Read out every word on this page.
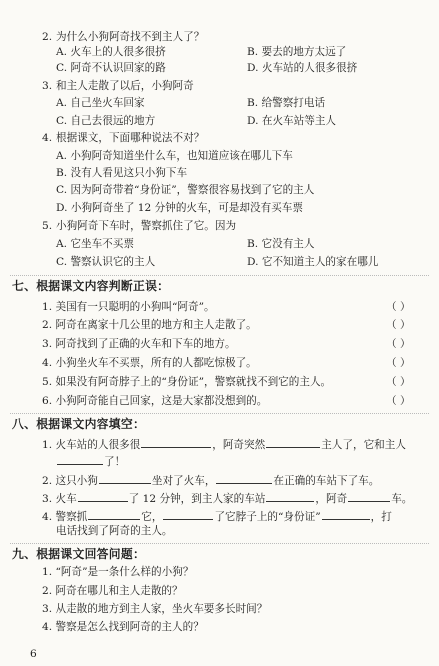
2. 为什么小狗阿奇找不到主人了？
A. 火车上的人很多很挤	B. 要去的地方太远了
C. 阿奇不认识回家的路	D. 火车站的人很多很挤
3. 和主人走散了以后，小狗阿奇
A. 自己坐火车回家	B. 给警察打电话
C. 自己去很远的地方	D. 在火车站等主人
4. 根据课文，下面哪种说法不对？
A. 小狗阿奇知道坐什么车，也知道应该在哪儿下车
B. 没有人看见这只小狗下车
C. 因为阿奇带着“身份证”，警察很容易找到了它的主人
D. 小狗阿奇坐了 12 分钟的火车，可是却没有买车票
5. 小狗阿奇下车时，警察抓住了它。因为
A. 它坐车不买票	B. 它没有主人
C. 警察认识它的主人	D. 它不知道主人的家在哪儿
七、根据课文内容判断正误：
1. 美国有一只聪明的小狗叫“阿奇”。	（ ）
2. 阿奇在离家十几公里的地方和主人走散了。	（ ）
3. 阿奇找到了正确的火车和下车的地方。	（ ）
4. 小狗坐火车不买票，所有的人都吃惊极了。	（ ）
5. 如果没有阿奇脖子上的“身份证”，警察就找不到它的主人。	（ ）
6. 小狗阿奇能自己回家，这是大家都没想到的。	（ ）
八、根据课文内容填空：
1. 火车站的人很多很	，阿奇突然	主人了，它和主人
了！
2. 这只小狗	坐对了火车，	在正确的车站下了车。
3. 火车	了 12 分钟，到主人家的车站	，阿奇	车。
4. 警察抓	它，	了它脖子上的“身份证”	，打
电话找到了阿奇的主人。
九、根据课文回答问题：
1. “阿奇”是一条什么样的小狗？
2. 阿奇在哪儿和主人走散的？
3. 从走散的地方到主人家，坐火车要多长时间？
4. 警察是怎么找到阿奇的主人的？
6
